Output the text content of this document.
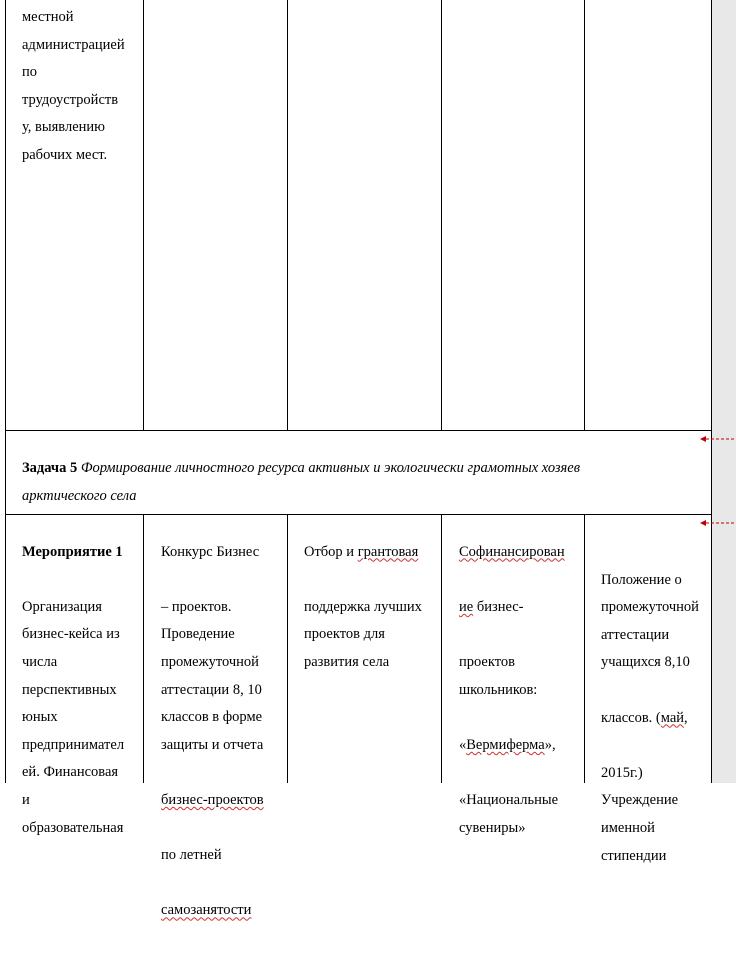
местной
администрацией
по
трудоустройств
у, выявлению
рабочих мест.
Задача 5 Формирование личностного ресурса активных и экологически грамотных хозяев
арктического села

Мероприятие 1

Организация
бизнес-кейса из
числа
перспективных
юных
предпринимател
ей. Финансовая
и
образовательная

Конкурс Бизнес

– проектов.
Проведение
промежуточной
аттестации 8, 10
классов в форме
защиты и отчета

бизнес-проектов

по летней

самозанятости

Отбор и грантовая

поддержка лучших
проектов для
развития села

Софинансирован

ие бизнес-

проектов
школьников:

«Вермиферма»,

«Национальные
сувениры»

Положение о
промежуточной
аттестации
учащихся 8,10

классов. (май,

2015г.)
Учреждение
именной
стипендии
